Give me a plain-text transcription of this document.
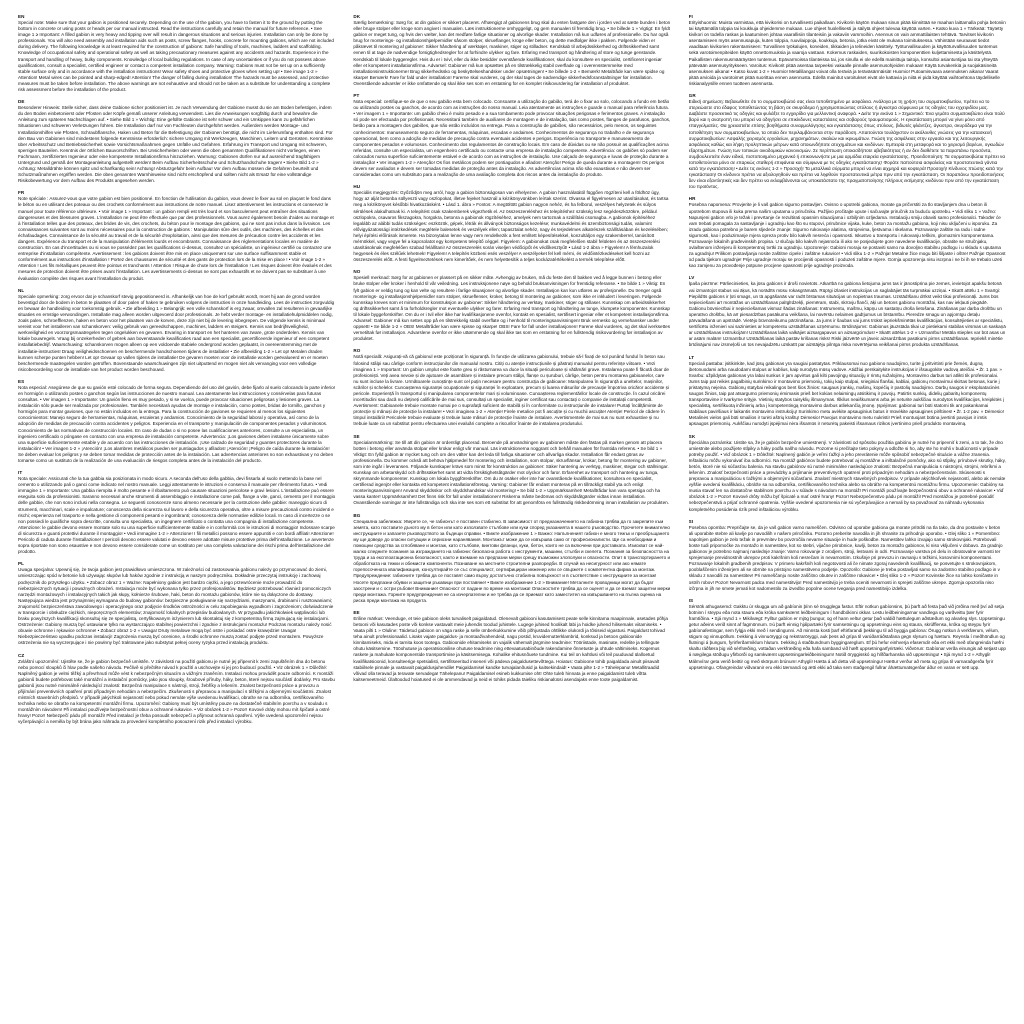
EN
Special note: Make sure that your gabion is positioned securely. Depending on the use of the gabion, you have to fasten it to the ground by putting the bottom in concrete or using posts or heads per our manual instructed. Read the instructions carefully and retain the manual for future reference. • See image 1 ≥ Important: A filled gabion is very heavy and tipping over will result in dangerous situations and serious injuries. Installation can only be done by professionals. You will also need assembly and installation aids such as posts, screw flanges, hooks, concrete for mounting gabions, which are not included during delivery. The following knowledge is at least required for the construction of gabions: Safe handling of tools, machines, ladders and scaffolding. Knowledge of occupational safety and operational safety as well as taking precautionary measures against any accidents and hazards. Experience in the transport and handling of heavy, bulky components. Knowledge of local building regulations. In case of any uncertainties or if you do not possess above qualifications, consult a specialist, certified engineer or contact a competent installation company. Warning: Gabions must not be set up on a sufficiently stable surface only and in accordance with the installation instructions! Wear safety shoes and protective gloves when setting up! • See image 1-2 » Attention! Metal wires can be pointed and sharp-edged! Attention! The danger of falling during installation! The hazards must be assessed, and protective measures must be taken before installation. The above warnings are not exhaustive and should not be taken as a substitute for understanding a complete risk assessment before the installation of the product.
DE
Besonderer Hinweis: Stelle sicher, dass deine Gabione sicher positioniert ist. Je nach Verwendung der Gabione musst du sie am Boden befestigen, indem du den Boden einbetonierst oder Pfosten oder Köpfe gemäß unserer Anleitung verwendest. Lies die Anweisungen sorgfältig durch und bewahre die Anleitung zum späteren Nachschlagen auf. • Siehe Bild 1 » Wichtig: Eine gefüllte Gabione ist sehr schwer und ein Umkippen kann zu gefährlichen Situationen und schweren Verletzungen führen. Die Installation darf nur von Fachleuten durchgeführt werden. Außerdem werden Montage- und Installationshilfen wie Pfosten, Schraubflansche, Haken und Beton für die Befestigung der Gabionen benötigt, die nicht im Lieferumfang enthalten sind. Für den Bau von Gabionen sind mindestens folgende Kenntnisse erforderlich: sichere Umgang mit Werkzeugen, Maschinen, Leitern und Gerüsten. Kenntnisse über Arbeitsschutz und Betriebssicherheit sowie Vorsichtsmaßnahmen gegen Unfälle und Gefahren. Erfahrung im Transport und Umgang mit schweren, sperrigen Bauteilen. Kenntnis der örtlichen Bauvorschriften. Bei Unsicherheiten oder wenn die oben genannten Qualifikationen nicht vorliegen, einen Fachmann, zertifizierten Ingenieur oder eine kompetente Installationsfirma hinzuziehen. Warnung: Gabionen dürfen nur auf ausreichend tragfähigem Untergrund und gemäß der Montageanleitung aufgestellt werden! Beim Aufbau Sicherheitsschuhe und Schutzhandschuhe tragen! • Siehe Bild 1-2 » Achtung: Metalldrähte können spitz und scharfkantig sein! Achtung! Absturzgefahr beim Aufbau! Vor dem Aufbau müssen die Gefahren beurteilt und Schutzmaßnahmen ergriffen werden. Die oben genannten Warnhinweise sind nicht erschöpfend und sollten nicht als Ersatz für eine vollständige Risikobewertung vor dem Aufbau des Produkts angesehen werden.
FR
Note spéciale : Assurez-vous que votre gabion est bien positionné. En fonction de l'utilisation du gabion, vous devez le fixer au sol en plaçant le fond dans le béton ou en utilisant des poteaux ou des crochets conformément aux instructions de notre manuel. Lisez attentivement les instructions et conservez le manuel pour toute référence ultérieure. • Voir image 1 » Important : un gabion rempli est très lourd et son basculement peut entraîner des situations dangereuses et des blessures graves. L'installation ne peut être effectuée que par des professionnels. Vous aurez également besoin d'aides au montage et à l'installation telles que des poteaux, des brides de vis, des crochets, du béton pour le montage des gabions, qui ne sont pas inclus dans la livraison. Les connaissances suivantes sont au moins nécessaires pour la construction de gabions : Manipulation sûre des outils, des machines, des échelles et des échafaudages. Connaissance de la sécurité au travail et de la sécurité d'exploitation, ainsi que des mesures de précaution contre les accidents et les dangers. Expérience du transport et de la manipulation d'éléments lourds et encombrants. Connaissance des réglementations locales en matière de construction. En cas d'incertitudes ou si vous ne possédez pas les qualifications ci-dessus, consultez un spécialiste, un ingénieur certifié ou contactez une entreprise d'installation compétente. Avertissement : les gabions doivent être mis en place uniquement sur une surface suffisamment stable et conformément aux instructions d'installation ! Portez des chaussures de sécurité et des gants de protection lors de la mise en place ! • Voir image 1-2 » Attention ! Les fils métalliques peuvent être pointus et tranchants ! Attention ! Risque de chute lors de l'installation ! Les risques doivent être évalués et des mesures de protection doivent être prises avant l'installation. Les avertissements ci-dessus ne sont pas exhaustifs et ne doivent pas se substituer à une évaluation complète des risques avant l'installation du produit.
NL
Speciale opmerking: zorg ervoor dat je schanskorf stevig gepositioneerd is. Afhankelijk van hoe de korf gebruikt wordt, moet hij aan de grond worden bevestigd door de bodem in beton te plaatsen of door palen of haken te gebruiken volgens de instructies in onze handleiding. Lees de instructies zorgvuldig en bewaar de handleiding voor toekomstig gebruik. • Zie afbeelding 1 » Belangrijk: een volle schanskorf is erg zwaar, omvallen zal resulteren in gevaarlijke situaties en ernstige verwondingen. Installatie mag alleen worden uitgevoerd door professionals. Je hebt verder montage- en installatiehulpmiddelen nodig, zoals palen, schroefflenzen, haken en beton voor het plaatsen van de korven, deze zijn niet bij de levering inbegrepen. De volgende kennis is minimaal vereist voor het installeren van schanskorven: veilig gebruik van gereedschappen, machines, ladders en steigers. Kennis van bedrijfsveiligheid, werkveiligheid en voorzorgsmaatregelen tegen ongelukken en gevaren. Ervaring in transport en het hanteren van zware, grote onderdelen. Kennis van lokale bouwregels. Vraag bij onzekerheden of gebrek aan bovenstaande kwalificaties raad aan een specialist, gecertificeerde ingenieur of een competent installatiebedrijf. Waarschuwing: schanskorven mogen alleen op een voldoende stabiele ondergrond worden geplaatst, in overeenstemming met de installatie-instructies! Draag veiligheidsschoenen en beschermende handschoenen tijdens de installatie! • Zie afbeelding 1-2 » Let op! Metalen draden kunnen scherpe punten hebben! Let op! Gevaar op vallen tijdens de installatie! De gevaren moeten voor de installatie worden geëvalueerd en er moeten beschermende maatregelen worden getroffen. Bovenstaande waarschuwingen zijn niet uitputtend en mogen niet als vervanging voor een volledige risicobeoordeling voor de installatie van het product worden beschouwd.
ES
Nota especial: Asegúrese de que su gavión esté colocado de forma segura. Dependiendo del uso del gavión, debe fijarlo al suelo colocando la parte inferior en hormigón o utilizando postes o ganchos según las instrucciones de nuestro manual. Lea atentamente las instrucciones y consérvelas para futuras consultas. • Ver imagen 1 » Importante: Un gavión lleno es muy pesado, y si se vuelca, puede provocar situaciones peligrosas y lesiones graves. La instalación sólo puede ser realizada por profesionales. También necesitará ayudas de montaje e instalación, como postes, bridas de tornillo, ganchos y hormigón para montar gaviones, que no están incluidos en la entrega. Para la construcción de gaviones se requieren al menos los siguientes conocimientos: Manejo seguro de herramientas, máquinas, escaleras y andamios. Conocimiento de la seguridad laboral y operativa, así como de la adopción de medidas de precaución contra accidentes y peligros. Experiencia en el transporte y manipulación de componentes pesados y voluminosos. Conocimiento de las normativas de construcción locales. En caso de dudas o si no posee las cualificaciones anteriores, consulte a un especialista, un ingeniero certificado o póngase en contacto con una empresa de instalación competente. Advertencia: ¡Los gaviones deben instalarse únicamente sobre una superficie suficientemente estable y de acuerdo con las instrucciones de instalación. ¡Use calzado de seguridad y guantes protectores durante la instalación! • Ver imagen 1-2 » ¡Atención! ¡Los alambres metálicos pueden ser puntiagudos y afilados! ¡Atención! ¡Peligro de caída durante la instalación! Se deben evaluar los peligros y se deben tomar medidas de protección antes de la instalación. Las advertencias anteriores no son exhaustivas y no deben tomarse como un sustituto de la realización de una evaluación de riesgos completa antes de la instalación del producto.
IT
Nota speciale: Assicurati che la tua gabbia sia posizionata in modo sicuro. A seconda dell'uso della gabbia, devi fissarla al suolo mettendo la base nel cemento o utilizzando pali o ganci come indicato nel nostro manuale. Leggi attentamente le istruzioni e conserva il manuale per riferimento futuro. • Vedi immagine 1 » Importante: Una gabbia riempita è molto pesante e il ribaltamento può causare situazioni pericolose e gravi lesioni. L'installazione può essere eseguita solo da professionisti. Saranno necessari anche strumenti di assemblaggio e installazione come pali, flange a vite, ganci, cemento per il montaggio delle gabbie, che non sono inclusi nella consegna. Le seguenti conoscenze sono almeno necessarie per la costruzione delle gabbie: maneggio sicuro di strumenti, macchinari, scale e impalcature; conoscenza della sicurezza sul lavoro e della sicurezza operativa, oltre a misure precauzionali contro incidenti e rischi; esperienza nel trasporto e nella gestione di componenti pesanti e ingombranti; conoscenza delle normative edilizie locali. In caso di incertezze o se non possiedi le qualifiche sopra descritte, consulta uno specialista, un ingegnere certificato o contatta una compagnia di installazione competente. Attenzione: le gabbie devono essere montate solo su una superficie sufficientemente stabile e in conformità con le istruzioni di montaggio! Indossare scarpe di sicurezza e guanti protettivi durante il montaggio! • Vedi immagine 1-2 » Attenzione! I fili metallici possono essere appuntiti e con bordi affilati! Attenzione! Pericolo di caduta durante l'installazione! I pericoli devono essere valutati e devono essere adottate misure protettive prima dell'installazione. Le avvertenze sopra riportate non sono esaustive e non devono essere considerate come un sostituto per una completa valutazione dei rischi prima dell'installazione del prodotto.
PL
Uwaga specjalna: Upewnij się, że twoja gabion jest prawidłowo umieszczona. W zależności od zastosowania gabionu należy go przymocować do ziemi, umieszczając spód w betonie lub używając słupów lub haków zgodnie z instrukcją w naszym podręczniku. Dokładnie przeczytaj instrukcję i zachowaj podręcznik do przyszłego użytku. • Zobacz obraz 1 » Ważne: Napełniony gabion jest bardzo ciężki, a jego przewrócenie może prowadzić do niebezpiecznych sytuacji i poważnych obrażeń. Instalacja może być wykonana tylko przez profesjonalistów. Będziesz potrzebować również pomocniczych narzędzi montażowych i instalacyjnych takich jak słupy, kołnierze śrubowe, haki, beton do montażu gabionów, które nie są dołączone do dostawy. Następująca wiedza jest przynajmniej wymagana do budowy gabionów: bezpieczne posługiwanie się narzędziami, maszynami, drabinami i rusztowaniami; znajomość bezpieczeństwa zawodowego i operacyjnego oraz podjęcie środków ostrożności w celu zapobiegania wypadkom i zagrożeniom; doświadczenie w transporcie i obsłudze ciężkich, nieporęcznych elementów; znajomość lokalnych przepisów budowlanych. W przypadku jakichkolwiek wątpliwości lub braku powyższych kwalifikacji skonsultuj się ze specjalistą, certyfikowanym inżynierem lub skontaktuj się z kompetentną firmą zajmującą się instalacjami. Ostrzeżenie: Gabiony muszą być ustawiane tylko na wystarczająco stabilnej powierzchni i zgodnie z instrukcjami montażu! Podczas montażu należy nosić obuwie ochronne i rękawice ochronne! • Zobacz obraz 1-2 » Uwaga! Druty metalowe mogą być ostre i posiadać ostre krawędzie! Uwaga! Niebezpieczeństwo upadku podczas instalacji! Zagrożenia muszą być ocenione, a środki ochronne muszą zostać podjęte przed montażem. Powyższe ostrzeżenia nie są wyczerpujące i nie powinny być traktowane jako substytut pełnej oceny ryzyka przed instalacją produktu.
CZ
Zvláštní upozornění: Ujistěte se, že je gabion bezpečně umístěn. V závislosti na použití gabionu je nutné jej připevnit k zemi zapuštěním dna do betonu nebo pomocí sloupků či hlav podle našeho návodu. Pečlivě si přečtěte návod k použití a uschovejte si jej pro budoucí použití. • Viz obrázek 1 » Důležité: Naplněný gabion je velmi těžký a převrhnutí může vést k nebezpečným situacím a vážným zraněním. Instalaci mohou provádět pouze odborníci. K montáži gabionů budete potřebovat také montážní a instalační pomůcky, jako jsou sloupky, šroubové příruby, háky, beton, které nejsou součástí dodávky. Pro stavbu gabionů jsou nutné minimálně následující znalosti: Bezpečná manipulace s nástroji, stroji, žebříky a lešením. Znalost bezpečnosti práce a provozu a přijímání preventivních opatření proti případným nehodám a nebezpečím. Zkušenosti s přepravou a manipulací s těžkými a objemnými součástmi. Znalost místních stavebních předpisů. V případě jakýchkoli nejasností nebo pokud nemáte výše uvedenou kvalifikaci, obraťte se na odborníka, certifikovaného technika nebo se obraťte na kompetentní montážní firmu. Upozornění: Gabiony musí být umístěny pouze na dostatečně stabilním povrchu a v souladu s montážním návodem! Při instalaci používejte bezpečnostní obuv a ochranné rukavice. • Viz obrázek 1-2 » Pozor! Kovové dráty mohou mít špičaté a ostré hrany! Pozor! Nebezpečí pádu při montáži! Před instalací je třeba posoudit nebezpečí a přijmout ochranná opatření. Výše uvedená upozornění nejsou vyčerpávající a neměla by být brána jako náhrada za provedení kompletního posouzení rizik před instalací výrobku.
DK
Særlig bemærkning: Sørg for, at din gabion er sikkert placeret. Afhængigt af gabionens brug skal du enten fastgøre den i jorden ved at sætte bunden i beton eller bruge stolper eller kroge som angivet i manualen. Læs instruktionerne omhyggeligt, og gem manualen til fremtidig brug. • Se billede 1 » Vigtigt: En fyldt gabion er meget tung, og hvis den vælter, kan det medføre farlige situationer og alvorlige skader. Installation må kun udføres af professionelle. Du har også brug for monterings- og installationshjælpemidler såsom stolper, skrueflanger, kroge eller beton, og dette medfølger ikke i pakken. Følgende viden er påkrævet til montering af gabioner: Sikker håndtering af værktøjer, maskiner, stiger og stilladser. Kendskab til arbejdssikkerhed og driftssikkerhed samt evnen til at tage de nødvendige forsigtighedsregler for at forhindre ulykker og fare. Erfaring med transport og håndtering af store og tunge genstande. Kendskab til lokale byggeregler. Hvis du er i tvivl, eller du ikke besidder ovenstående kvalifikationer, skal du konsultere en specialist, certificeret ingeniør eller et kompetent installationsfirma. Advarsel: Gabioner må kun opsættes på en tilstrækkelig stabil overflade og i overensstemmelse med installationsinstruktionerne! Brug sikkerhedssko og beskyttelseshandsker under opsætningen! • Se billede 1-2 » Bemærk! Metaltråde kan være spidse og skarpe! Bemærk! Fare for fald under installation! Farerne skal vurderes, og der skal tages de nødvendige sikkerhedsforanstaltninger før installation. Ovenstående advarsler er ikke omfattende og skal ikke ses som en erstatning for en komplet risikovurdering før installation af produktet.
PT
Nota especial: certifique-se de que o seu gabião esta bem colocado. Consoante a utilização do gabião, terá de o fixar ao solo, colocando a fundo em betão ou utilizando postes ou ganchos, de acordo com as instruções do nosso manual. Leia atentamente as instruções e guarde o manual para referência futura. • Ver imagem 1 » Importante: um gabião cheio é muito pesado e a sua tombamento pode provocar situações perigosas e ferimentos graves. A instalação só pode ser efectuada por profissionais. Necessitará também de auxiliares de montagem e de instalação, tais como postes, flanges de parafusos, ganchos, betão para a montagem dos gabiões, que não estão incluídos na entrega. Para a construção de gabiões, são necessários, pelo menos, os seguintes conhecimentos: manuseamento seguro de ferramentas, máquinas, escadas e andaimes. Conhecimentos de segurança no trabalho e de segurança operacional, bem como a adoção de medidas de precaução contra eventuais acidentes e perigos. Experiência no transporte e manuseamento de componentes pesados e volumosos. Conhecimento dos regulamentos de construção locais. Em caso de dúvidas ou se não possuir as qualificações acima referidas, consulte um especialista, um engenheiro certificado ou contacte uma empresa de instalação competente. Advertência: os gabiões só podem ser colocados numa superfície suficientemente estável e de acordo com as instruções de instalação. Use calçado de segurança e luvas de proteção durante a instalação! • Ver imagem 1-2 » Atenção! Os fios metálicos podem ser pontiagudos e afiados! Atenção! Perigo de queda durante a montagem! Os perigos devem ser avaliados e devem ser tomadas medidas de proteção antes da instalação. As advertências acima não são exaustivas e não devem ser consideradas como um substituto para a realização de uma avaliação completa dos riscos antes da instalação do produto.
HU
Speciális megjegyzés: Győződjön meg arról, hogy a gabion biztonságosan van elhelyezve. A gabion használatától függően rögzíteni kell a földhöz úgy, hogy az alját betonba süllyeszti vagy oszlopokat, illetve fejeket használ a kézikönyvünkben leírtak szerint. Olvassa el figyelmesen az utasításokat, és tartsa meg a kézikönyvet későbbi hivatkozásként. • Lásd 1. ábra » Fontos: A megtöltött gabion nagyon nehéz, és ha felborul, veszélyes helyzetek és súlyos sérülések alakulhatnak ki. A telepítést csak szakemberek végezhetik el. Az összeszereléshez és telepítéshez szükség lesz segédeszközökre, például oszlopokra, csavaros fikszagokra, horgokra, betonra a gabionok rögzítéséhez, amelyek nem tartoznak a szállítási csomagba. A gabionok építéséhez legalább az alábbi tudás szükséges: eszközök, gépek, létrák és állványok biztonságos kezelése; munkavédelmi és üzembiztonsági tudás, valamint elővigyázatossági intézkedések megtétele balesetek és veszélyek ellen; tapasztalat nehéz, nagy és terjedelmes alkatrészek szállításában és kezelésében; helyi építési előírások ismerete. Ha bizonytalan lenne vagy nem rendelkezik a fent említett képesítésekkel, konzultáljon egy szakemberrel, tanúsított mérnökkel, vagy vegye fel a kapcsolatot egy kompetens telepítő céggel. Figyelem: A gabionokat csak megfelelően stabil felületen és az összeszerelési utasításoknak megfelelően szabad felállítani! Az összeszerelés során viseljen védőcipőt és védőkesztyűt! • Lásd 1-2 ábra » Figyelem! A fémhuzalok hegyesek és éles szélűek lehetnek! Figyelem! A telepítés közbeni esés veszélye! A veszélyeket fel kell mérni, és védőintézkedéseket kell hozni az összeszerelés előtt. A fenti figyelmeztetések nem kimerítőek, és nem helyettesítik a teljes kockázatértékelést a termék telepítése előtt.
NO
Spesiell merknad: Sørg for at gabionen er plassert på en sikker måte. Avhengig av bruken, må du feste den til bakken ved å legge bunnen i betong eller bruke stolper eller kroker i henhold til vår veiledning. Les instruksjonene nøye og behold bruksanvisningen for fremtidig referanse. • Se bilde 1 » Viktig: En fylt gabion er veldig tung og kan velte og resultere i farlige situasjoner og alvorlige skader. Installasjon kan kun utføres av profesjonelle. Du trenger også monterings- og installasjonshjelpemidler som stolper, skrueflenser, kroker, betong til montering av gabioner, som ikke er inkludert i leveringen. Følgende kunnskap kreves som et minimum for konstruksjon av gabioner: Sikker håndtering av verktøy, maskiner, stiger og stillaser. Kunnskap om arbeidssikkerhet og driftssikkerhet samt å ta forholdsregler mot eventuelle ulykker og farer. Erfaring med transport og håndtering av tunge, klumpete komponenter. Kunnskap til lokale byggeforskrifter. Om du er i tvil eller ikke har kvalifikasjonene ovenfor, kontakt en spesialist, sertifisert ingeniør eller et kompetent installasjonsfirma. Advarsel: Gabioner må kun settes opp på en tilstrekkelig stabil overflate og i henhold til monteringsanvisningen! Bruk vernesko og vernehansker under oppsett! • Se bilde 1-2 » OBS! Metalltråder kan være spisse og skarpe! OBS! Fare for fall under installasjonen! Farene skal vurderes, og det skal iverksettes vernetiltak før installasjon. Advarslene ovenfor er ikke uttømmende og skal ikke tas som en erstatning for en fullstendig risikovurdering før installasjon av produktet.
RO
Notă specială: Asigurați-vă că gabionul este poziționat în siguranță. În funcție de utilizarea gabionului, trebuie să-l fixați de sol punând fundul în beton sau folosind stâlpi sau cârlige conform instrucțiunilor din manualul nostru. Citiți cu atenție instrucțiunile și păstrați manualul pentru referințe viitoare. • Vezi imaginea 1 » Important: Un gabion umplut este foarte greu și răsturnarea va duce la situații periculoase și vătămări grave. Instalarea poate fi făcută doar de profesioniști. Veți avea nevoie și de ajutoare de asamblare și instalare precum stâlpi, flanșe cu șuruburi, cârlige, beton pentru montarea gabioanelor, care nu sunt incluse la livrare. Următoarele cunoștințe sunt cel puțin necesare pentru construcția de gabioane: Manipularea în siguranță a uneltelor, mașinilor, scărilor și schelelor. Cunoașterea siguranței ocupaționale și siguranței în exploatare, precum și luarea măsurilor de precauție împotriva oricăror accidente și pericole. Experiență în transportul și manipularea componentelor mari și voluminoase. Cunoașterea reglementărilor locale de construcție. În cazul oricărei incertitudini sau dacă nu dețineți calificările de mai sus, consultați un specialist, inginer certificat sau contactați o companie de instalații competentă. Avertisment: Gabioanele trebuie montate numai pe o suprafață suficient de stabilă și în conformitate cu instrucțiunile de instalare! Purtați încălțăminte de protecție și mănuși de protecție la instalare! • Vezi imaginea 1-2 » Atenție! Firele metalice pot fi ascuțite și cu muchii ascuțite! Atenție! Pericol de cădere în timpul instalării! Pericolele trebuie evaluate și trebuie luate măsuri de protecție înainte de instalare. Avertismentele de mai sus nu sunt exhaustive și nu trebuie luate ca un substitut pentru efectuarea unei evaluări complete a riscurilor înainte de instalarea produsului.
SE
Specialanmärkning: Se till att din gabion är ordentligt placerad. Beroende på användningen av gabionen måste den fästas på marken genom att placera botten i betong eller använda stolpar eller krokar enligt vår manual. Läs instruktionerna noggrant och behåll manualen för framtida referens. • Se bild 1 » Viktigt: En fylld gabion är mycket tung och om den välter kan det leda till farliga situationer och allvarliga skador. Installation får endast göras av professionella. Du kommer också att behöva hjälpmedel för montering och installation, som stolpar, skruvflänsar, krokar, betong för montering av gabioner, som inte ingår i leveransen. Följande kunskaper krävs som minst för konstruktion av gabioner: Säker hantering av verktyg, maskiner, stegar och ställningar. Kunskap om arbetarskydd och driftssäkerhet samt att vidta försiktighetsåtgärder mot olyckor och faror. Erfarenhet av transport och hantering av tunga, skrymmande komponenter. Kunskap om lokala byggföreskrifter. Om du är osäker eller inte har ovanstående kvalifikationer, konsultera en specialist, certifierad ingenjör eller kontakta ett kompetent installationsföretag. Varning: Gabioner får endast monteras på en tillräckligt stabil yta och enligt monteringsanvisningen! Använd skyddsskor och skyddshandskar vid montering! • Se bild 1-2 » Uppmärksamhet! Metalltrådar kan vara spetsiga och ha vassa kanter! Uppmärksamhet! Det finns risk för fall under installationen! Riskerna måste bedömas och skyddsåtgärder vidtas innan installation. Ovanstående varningar är inte fullständiga och ska inte ses som ett substitut för att genomföra en fullständig riskbedömning innan installation av produkten.
BG
Специална забележка: Уверете се, че габионът е поставен стабилно. В зависимост от предназначението на габиона трябва да го закрепите към земята, като поставите дъното му в бетон или като използвате стълбове или куки според указанията в нашето ръководство. Прочетете внимателно инструкциите и запазете ръководството за бъдещи справки. • Вижте изображение 1 » Важно: Напълненият габион е много тежък и преобръщането му ще доведе до опасни ситуации и сериозни наранявания. Монтажът може да се извършва само от професионалисти. Ще са необходими и помощни средства за сглобяване и монтаж, като стълбове, винтови фланци, куки, бетон, които не са включени при доставката. Изискват се най-малко следните познания за изграждането на габиони: безопасна работа с инструменти, машини, стълби и скелета. Познания за безопасността на труда и за експлоатационна безопасност, както и вземане на предпазни мерки срещу възможни злополуки и опасности. Опит в транспортирането и обработката на тежки и обемисти компоненти. Познаване на местните строителни разпоредби. В случай на несигурност или ако нямате горепосочената квалификация, консултирайте се със специалист, сертифициран инженер или се свържете с компетентна фирма за монтаж. Предупреждение: габионите трябва да се поставят само върху достатъчно стабилна повърхност и в съответствие с инструкциите за монтаж! Носете предпазни обувки и защитни ръкавици при поставяне! • Вижте изображение 1-2 » Внимание! Металните проводници могат да бъдат заострени и с остри ръбове! Внимание! Опасност от падане по време на монтажа! Опасностите трябва да се оценят и да се вземат защитни мерки преди монтажа. Горните предупреждения не са изчерпателни и не трябва да се приемат като заместител на извършването на пълна оценка на риска преди монтажа на продукта.
EE
Eriline märkus: Veenduge, et teie gabioon oleks turvaliselt paigaldatud. Olenevalt gabiooni kasutamisest peate selle kinnitama maapinnale, asetades põhja betooni või kasutades poste või konkse vastavalt meie juhendis toodud juhistele. Lugege juhised hoolikalt läbi ja hoidke juhend hilisemaks viitamiseks. • Vaata pilti 1 » Oluline: Täidetud gabioon on väga raske ja selle ümberkukkumine võib põhjustada ohtlikke olukordi ja tõsiseid vigastusi. Paigaldust tohivad teha ainult professionaalid. Lisaks vajate paigaldus- ja montaaživahendeid, nagu postid, kruvidemutterklambrid, konksud ja betoon gabioonide kinnitamiseks, mida ei tarnita koos tootega. Gabioonide ehitamiseks on vajalik vähemalt järgmine teadmine: Tööriistade, masinate, redelite ja tellingute ohutu käsitsemine. Tööohutuse ja operatsioonilise ohutuse teadmine ning ettevaatusabinõude rakendamine õnnetuste ja ohtude vältimiseks. Kogemus raskete ja mahukate komponentide transportimise ja käsitsemisega. Kohalike ehitusnõuete tundmine. Kui teil on kahtlusi või teil puuduvad ülalloetud kvalifikatsioonid, konsulteerige spetsialisti, sertifitseeritud inseneri või pädeva paigaldusettevõttega. Hoiatus: Gabioone tohib paigaldada ainult piisavalt stabiilsele pinnale ja vastavalt paigaldusjuhendile! Paigaldamisel kandke turvajalanõusid ja kaitsekindaid! • Vaata pilte 1-2 » Tähelepanu! Metallitraadid võivad olla teravad ja teravate servadega! Tähelepanu! Paigaldamisel esineb kukkumise oht! Ohte tuleb hinnata ja enne paigaldamist tuleb võtta kaitsemeetmeid. Ülaltoodud hoiatused ei ole ammendavad ja neid ei tohiks pidada täieliku riskianalüüsi asendajaks enne toote paigaldamist.
FI
Erityishuomio: Muista varmistaa, että kivikorisi on turvallisesti paikallaan. Kivikorin käytön mukaan sinun pitää kiinnittää se maahan laittamalla pohja betoniin tai käyttämällä tolppia tai koukkuja ohjeidemme mukaan. Lue ohjeet huolellisesti ja säilytä ohjeet tulevaa käyttöä varten. • Katso kuva 1 » Tärkeää: Täytetty kivikori on todella raskas ja kaatuminen johtaa vaarallisiin tilanteisiin ja vakaviin vammoihin. Asennus on vain ammattilaisten tehtävä. Tarvitset kivikorin asentamiseen myös asennusapuja, kuten tolppia, ruuvilaippoja, koukkuja, betonia, jotka eivät ole mukana toimituksessa. Vähintään seuraavat tiedot vaaditaan kivikorien rakentamiseen: Turvallinen työkalujen, koneiden, tikkaiden ja telineiden käsittely. Työturvallisuuden ja käyttöturvallisuuden tuntemus sekä varotoimenpiteiden käyttö onnettomuuksia ja vaaroja vastaan. Kokemus raskaiden, suurikokoisten komponenttien kuljettamisesta ja käsittelystä. Paikallisten rakennusmääräysten tuntemus. Epävarmoissa tilanteissa tai, jos sinulla ei ole edellä mainittuja taitoja, konsultoi asiantuntijaa tai ota yhteyttä pätevään asennusyritykseen. Varoitus: Kivikorit pitää asentaa tarpeeksi vakaalle pinnalle asennusohjeiden mukaan! Käytä turvakenkiä ja suojakäsineitä asennuksen aikana! • Katso kuvat 1-2 » Huomio! Metallilangat voivat olla teräviä ja teräväsärmäisiä! Huomio! Putoamisvaara asennuksen aikana! Vaarat pitää arvioida ja varotoimet pitää suorittaa ennen asennusta. Edellä mainitut varoitukset eivät ole kattavia ja niitä ei pidä käyttää vaihtoehtona täydelliselle riskianalyysille ennen tuotteen asennusta.
GR
Ειδική σημείωση: Βεβαιωθείτε ότι το συρματοκιβώτιό σας είναι τοποθετημένο με ασφάλεια. Ανάλογα με τη χρήση του συρματοκιβωτίου, πρέπει να το στερεώσετε στο έδαφος τοποθετώντας τη βάση σε σκυρόδεμα ή χρησιμοποιώντας στύλους ή άγκιστρα σύμφωνα με τις οδηγίες του εγχειριδίου μας. Διαβάστε προσεκτικά τις οδηγίες και φυλάξτε το εγχειρίδιο για μελλοντική αναφορά. • Δείτε την εικόνα 1 » Σημαντικό: Ένα γεμάτο συρματοκιβώτιο είναι πολύ βαρύ και η ανατροπή του μπορεί να οδηγήσει σε επικίνδυνες καταστάσεις και σοβαρούς τραυματισμούς. Η εγκατάσταση μπορεί να γίνει μόνο από επαγγελματίες. Θα χρειαστείτε επίσης βοηθήματα συναρμολόγησης και εγκατάστασης όπως στύλους, βιδωτές φλάντζες, άγκιστρα, σκυρόδεμα για την τοποθέτηση των συρματοκιβωτίων, τα οποία δεν περιλαμβάνονται στην παράδοση. Απαιτούνται τουλάχιστον οι ακόλουθες γνώσεις για την κατασκευή συρματοκιβωτίων: Ασφαλής χειρισμός εργαλείων, μηχανημάτων, σκαλών και ικριωμάτων. Γνώση της ασφάλειας στην εργασία και της λειτουργικής ασφάλειας καθώς και λήψη προληπτικών μέτρων κατά οποιωνδήποτε ατυχημάτων και κινδύνων. Εμπειρία στη μεταφορά και το χειρισμό βαρέων, ογκωδών εξαρτημάτων. Γνώση των τοπικών οικοδομικών κανονισμών. Σε περίπτωση οποιασδήποτε αβεβαιότητας ή αν δεν διαθέτετε τα παραπάνω προσόντα, συμβουλευτείτε έναν ειδικό, πιστοποιημένο μηχανικό ή επικοινωνήστε με μια αρμόδια εταιρεία εγκατάστασης. Προειδοποίηση: Τα συρματοκιβώτια πρέπει να τοποθετούνται μόνο σε επαρκώς σταθερή επιφάνεια και σύμφωνα με τις οδηγίες εγκατάστασης! Φοράτε παπούτσια ασφαλείας και προστατευτικά γάντια κατά την εγκατάσταση! • Δείτε τις εικόνες 1-2 » Προσοχή! Τα μεταλλικά σύρματα μπορεί να είναι αιχμηρά και κοφτερά! Προσοχή! Κίνδυνος πτώσης κατά την εγκατάσταση! Οι κίνδυνοι πρέπει να αξιολογηθούν και πρέπει να ληφθούν προστατευτικά μέτρα πριν από την εγκατάσταση. Οι παραπάνω προειδοποιήσεις δεν είναι εξαντλητικές και δεν πρέπει να εκλαμβάνονται ως υποκατάστατο της πραγματοποίησης πλήρους εκτίμησης κινδύνου πριν από την εγκατάσταση του προϊόντος.
HR
Posebna napomena: Provjerite je li vaš gabion sigurno postavljen. Ovisno o upotrebi gabiona, morate ga pričvrstiti za tlo stavljanjem dna u beton ili upotrebom stupova ili kuka prema našim uputama u priručniku. Pažljivo pročitajte upute i sačuvajte priručnik za buduću upotrebu. • Vidi sliku 1 » Važno: Napunjeni gabion vrlo je težak i prevrtanje će rezultirati opasnim situacijama i ozbiljnim ozljedama. Instalaciju smiju obaviti samo profesionalci. Također će vam trebati pomagala za sastavljanje i ugradnju kao što su stupovi, prirubnice vijaka, kuke, beton za montažu gabiona, koji nisu uključeni u isporuku. Za izradu gabiona potrebno je barem sljedeće znanje: Sigurno rukovanje alatima, strojevima, ljestvama i skelama. Poznavanje zaštite na radu i radne sigurnosti, kao i poduzimanje mjera opreza protiv bilo kakvih nesreća i opasnosti. Iskustvo u transportu i rukovanju teškim, glomaznim komponentama. Poznavanje lokalnih građevinskih propisa. U slučaju bilo kakvih nejasnoća ili ako ne posjedujete gore navedene kvalifikacije, obratite se stručnjaku, ovlaštenom inženjeru ili kompetentnoj tvrtki za ugradnju. Upozorenje: Gabioni moraju se postaviti samo na dovoljno stabilnu podlogu i u skladu s uputama za ugradnju! Prilikom postavljanja nosite zaštitne cipele i zaštitne rukavice! • Vidi sliku 1-2 » Pažnja! Metalne žice mogu biti šiljaste i oštre! Pažnja! Opasnost od pada tijekom ugradnje! Prije ugradnje moraju se procijeniti opasnosti i poduzeti zaštitne mjere. Gornja upozorenja nisu iscrpna i ne bi ih se trebalo uzeti kao zamjenu za provođenje potpune procjene opasnosti prije ugradnje proizvoda.
LV
Īpaša piezīme: Pārliecinieties, ka jūsu gabions ir droši novietots. Atkarībā no gabiona lietojuma jums tas ir jānostiprina pie zemes, ievietojot apakšu betonā vai izmantojot stabus vai āķus, kā norādīts mūsu rokasgrāmatā. Rūpīgi izlasiet instrukcijas un saglabājiet tās turpmākai uzziņai. • Skatīt attēlu 1 » Svarīgi: Piepildīts gabions ir ļoti smags, un tā apgāšanās var radīt bīstamas situācijas un nopietnas traumas. Uzstādīšanu drīkst veikt tikai profesionāļi. Jums būs nepieciešami arī montāžas un uzstādīšanas palīglīdzekļi, piemēram, stabi, skrūvju flanči, āķi un betons gabionu montāžai, kas nav iekļauti piegādē. Gabionu būvniecībai ir nepieciešamas vismaz šādas zināšanas: Instrumentu, mašīnu, kāpņu un sastatņu droša lietošana. Zināšanas par darba drošību un operatīvo drošību, kā arī piesardzības pasākumu veikšana, lai novērstu nelaimes gadījumus un bīstamību. Pieredze smagu un apjomīgu detaļu pārvadāšanā un apstrādē. Vietējo būvnoteikumu pārzināšana. Ja jums ir šaubas vai jums trūkst iepriekšminētās kvalifikācijas, konsultējieties ar speciālistu, sertificētu inženieri vai sazinieties ar kompetentu uzstādīšanas uzņēmumu. Brīdinājums: Gabionus jāuzstāda tikai uz pietiekami stabilas virsmas un saskaņā ar uzstādīšanas instrukcijām! Uzstādīšanas laikā valkājiet aizsargapavus un aizsargcimdus! • Skatīt attēlus 1-2 » Uzmanību! Metāla stieples var būt asas un ar asām malām! Uzmanību! Uzstādīšanas laikā pastāv krišanas risks! Riski jāizvērtē un jāveic aizsardzības pasākumi pirms uzstādīšanas. Iepriekš minētie brīdinājumi nav izsmeļoši un tos nevajadzētu uzskatīt par aizstājēju pilnīga riska novērtējuma veikšanai pirms produkta uzstādīšanas.
LT
Speciali pastaba: įsitikinkite, kad jūsų gabionas yra saugiai pastatytas. Priklausomai nuo gabiono naudojimo, turite jį pritvirtinti prie žemės, dugną įbetonuodami arba naudodami stulpus ar kablius, kaip nurodyta mūsų vadove. Atidžiai perskaitykite instrukcijas ir išsaugokite vadovą ateičiai. • Žr. 1 pav. » Svarbu: užpildytas gabionas yra labai sunkus ir jam apvirtus gali kilti pavojingų situacijų ir rimtų sužalojimų. Montavimo darbus turi atlikti tik profesionalai. Jums taip pat reikės pagalbinių surinkimo ir montavimo priemonių, tokių kaip stulpai, srieginiai flanšai, kabliai, gabionų montavimui skirtas betonas, kurie į pristatymą neįeina. Gabionų statybai reikalingos bent šios žinios: saugaus įrankių, mašinų, kopėčių ir pastolių naudojimo. Darbų saugos ir eksploatacinės saugos žinios, taip pat atsargumo priemonių ėmimasis prieš bet kokias nelaimingų atsitikimų ir pavojų. Patirtis sunkių, didelių gabaritų komponentų transportavime ir tvarkyme srityje. Vietinių statybos taisyklių išmanymas. Iškilus neaiškumams arba jei neturite aukščiau nurodytos kvalifikacijos, kreipkitės į specialistą, sertifikuotą inžinierių arba į kompetentingą montavimo darbus atliekančią įmonę. Įspėjimas: gabionai turi būti statomi tik ant pakankamai stabilaus paviršiaus ir laikantis montavimo instrukcijų! Surinkimo metu avėkite apsauginius batus ir mūvėkite apsaugines pirštines! • Žr. 1-2 pav. » Dėmesio! Metalinės vielos gali būti smailios ir turėti aštrių kraštų! Dėmesio! Pavojus montavimo metu nukristi! Prieš montuojant būtina įvertinti pavojus ir imtis apsaugos priemonių. Aukščiau nurodyti įspėjimai nėra išsamūs ir neturėtų pakeisti išsamaus rizikos įvertinimo prieš produkto montavimą.
SK
Špeciálna poznámka: Uistite sa, že je gabión bezpečne umiestnený. V závislosti od spôsobu použitia gabiónu je nutné ho pripevniť k zemi, a to tak, že dno umiestnite alebo použijete stĺpiky a háky podľa našho návodu. Pozorne si prečítajte tieto pokyny a odložte si ho, aby ste ho mohli v budúcnosti v prípade potreby použiť. • Viď obrázok 1 » Dôležité: Naplnený gabión je veľmi ťažký a jeho prevrátenie môže spôsobiť nebezpečné situácie a vážne zranenia. Inštaláciu môžu vykonávať iba odborníci. Na montáž gabiónov budete potrebovať aj montážne a inštalačné pomôcky, ako sú stĺpiky, prírubové skrutky, háky, betón, ktoré nie sú súčasťou balenia. Na stavbu gabiónov sú nutné minimálne nasledujúce znalosti: Bezpečná manipulácia s nástrojmi, strojmi, rebríkmi a lešením. Znalosť bezpečnosti práce a prevádzky a prijímanie preventívnych opatrení proti prípadným nehodám a nebezpečenstvám. Skúsenosti s prepravou a manipuláciou s ťažkými a objemnými súčasťami. Znalosť miestnych stavebných predpisov. V prípade akýchkoľvek nejasností, alebo ak nemáte vyššie uvedenú kvalifikáciu, obráťte sa na odborníka, certifikovaného technika alebo sa obráťte na kompetentnú montážnu firmu. Upozornenie: Gabióny sa musia stavať len na dostatočne stabilnom povrchu a v súlade s návodom na montáž! Pri montáži používajte bezpečnostnú obuv a ochranné rukavice! • Viď obrázok 1-2 » Pozor! Kovové drôty môžu byť špicaté a mať ostré hrany! Pozor! Nebezpečenstvo pádu pri montáži! Pred montážou je potrebné posúdiť nebezpečenstvá a prijať ochranné opatrenia. Vyššie uvedené upozornenia nie sú vyčerpávajúce a nemali by sa považovať za náhradu vykonania kompletného posúdenia rizík pred inštaláciou výrobku.
SI
Posebna opomba: Prepričajte se, da je vaš gabion varno nameščen. Odvisno od uporabe gabiona ga morate pritrditi na tla tako, da dno postavite v beton ali uporabite stebre ali kavlje po navodilih v našem priročniku. Pozorno preberite navodila in jih shranite za prihodnjo uporabo. • Glej sliko 1 » Pomembno: napolnjen gabion je zelo težak in prevrnitev bo povzročila nevarne situacije in hude poškodbe. Namestitev lahko izvajajo samo strokovnjaki. Potrebovali boste tudi pripomočke za montažo in namestitev, kot so stebri, vijačne prirobnice, kavlji, beton za montažo gabionov, ki niso vključeni v dobavo. Za gradnjo gabionov je potrebno najmanj naslednje znanje: Varno rokovanje z orodjem, stroji, lestvami in odri. Poznavanje varstva pri delu in obratovalne varnosti ter sprejemanje previdnostnih ukrepov proti kakršnim koli nesrečam in nevarnostim. Izkušnje pri prevozu in ravnanju s težkimi, kosovnimi komponentami. Poznavanje lokalnih gradbenih predpisov. V primeru kakršnih koli negotovosti ali če nimate zgoraj navedenih kvalifikacij, se posvetujte s strokovnjakom, pooblaščenim inženirjem ali se obrnite na pristojno namestitveno podjetje. Opozorilo: Gabione je treba postavljati samo na zadostno stabilno podlago in v skladu z navodili za namestitev! Pri nameščanju nosite zaščitno obutev in zaščitne rokavice! • Glej sliko 1-2 » Pozor! Kovinske žice so lahko koničaste in ostrih robov! Pozor! Nevarnost padca med namestitvijo! Pred namestitvijo je treba oceniti nevarnosti in sprejeti zaščitne ukrepe. Zgornja opozorila niso izčrpna in jih ne smete jemati kot nadomestilo za izvedbo popolne ocene tveganja pred namestitvijo izdelka.
IS
Sérstök athugasemd: Gakktu úr skugga um að gabíonin þínn sé örugglega fastur. Eftir notkun gabíonsins, þú þarft að festa það við jörðina með því að setja botninn í steypu eða nota staura eða króka samkvæmt leiðbeiningum í handbókinni okkar. Lestu leiðbeiningarnar vandlega og varðveittu þær fyrir framtíðina. • Sjá mynd 1 » Mikilvægt: Fylltur gabíon er mjög þungur, og ef hann veltur getur það valdið hættulegum aðstæðum og alvarleg slys. Uppsetningu getur aðeins verið sinnt af fagmönnum. Þú þarft einnig hjálpartæki fyrir samsetningu og uppsetningu eins og staura, skrúfflensa, króka og steypu fyrir gabíonafestingar, sem fylgja ekki með í sendingunni. Að minnsta kosti þarf eftirfarandi þekkingu til að byggja gabíona: Örugg notkun á verkfærum, vélum, stigum og vinnupöllum. Þekking á vinnuöryggi og rekstraröryggi, auk þess að grípa til varúðarráðstafana gegn slysum og hættum. Reynsla í meðhöndlun og flutningi á þungum, fyrirferðarmiklum hlutum. Þekking á staðbundnum byggingareglum. Ef þú hefur einhverja efasemdir eða ert ekki með ofangreinda hæfni skaltu ráðfæra þig við sérfræðing, vottaðan verkfræðing eða hafa samband við hæft uppsetningarfyrirtæki. Viðvörun: Gabíonar verða einungis að setjast upp á nægilega stöðugu yfirborði og samkvæmt uppsetningarleiðbeiningum! Notið öryggisskó og hlífðarhanska við uppsetningu! • Sjá mynd 1-2 » Athygli! Málmvírar geta verið beittir og með skörpum brúnum! Athygli! Hætta á að detta við uppsetningu! Hættur verður að meta og grípa til varnaraðgerða fyrir uppsetningu. Ofangreindar viðvaranir eru ekki tæmandi og ætti ekki að taka sem staðgengil fullrar áhættumatsgerðar áður en varan er sett upp.
